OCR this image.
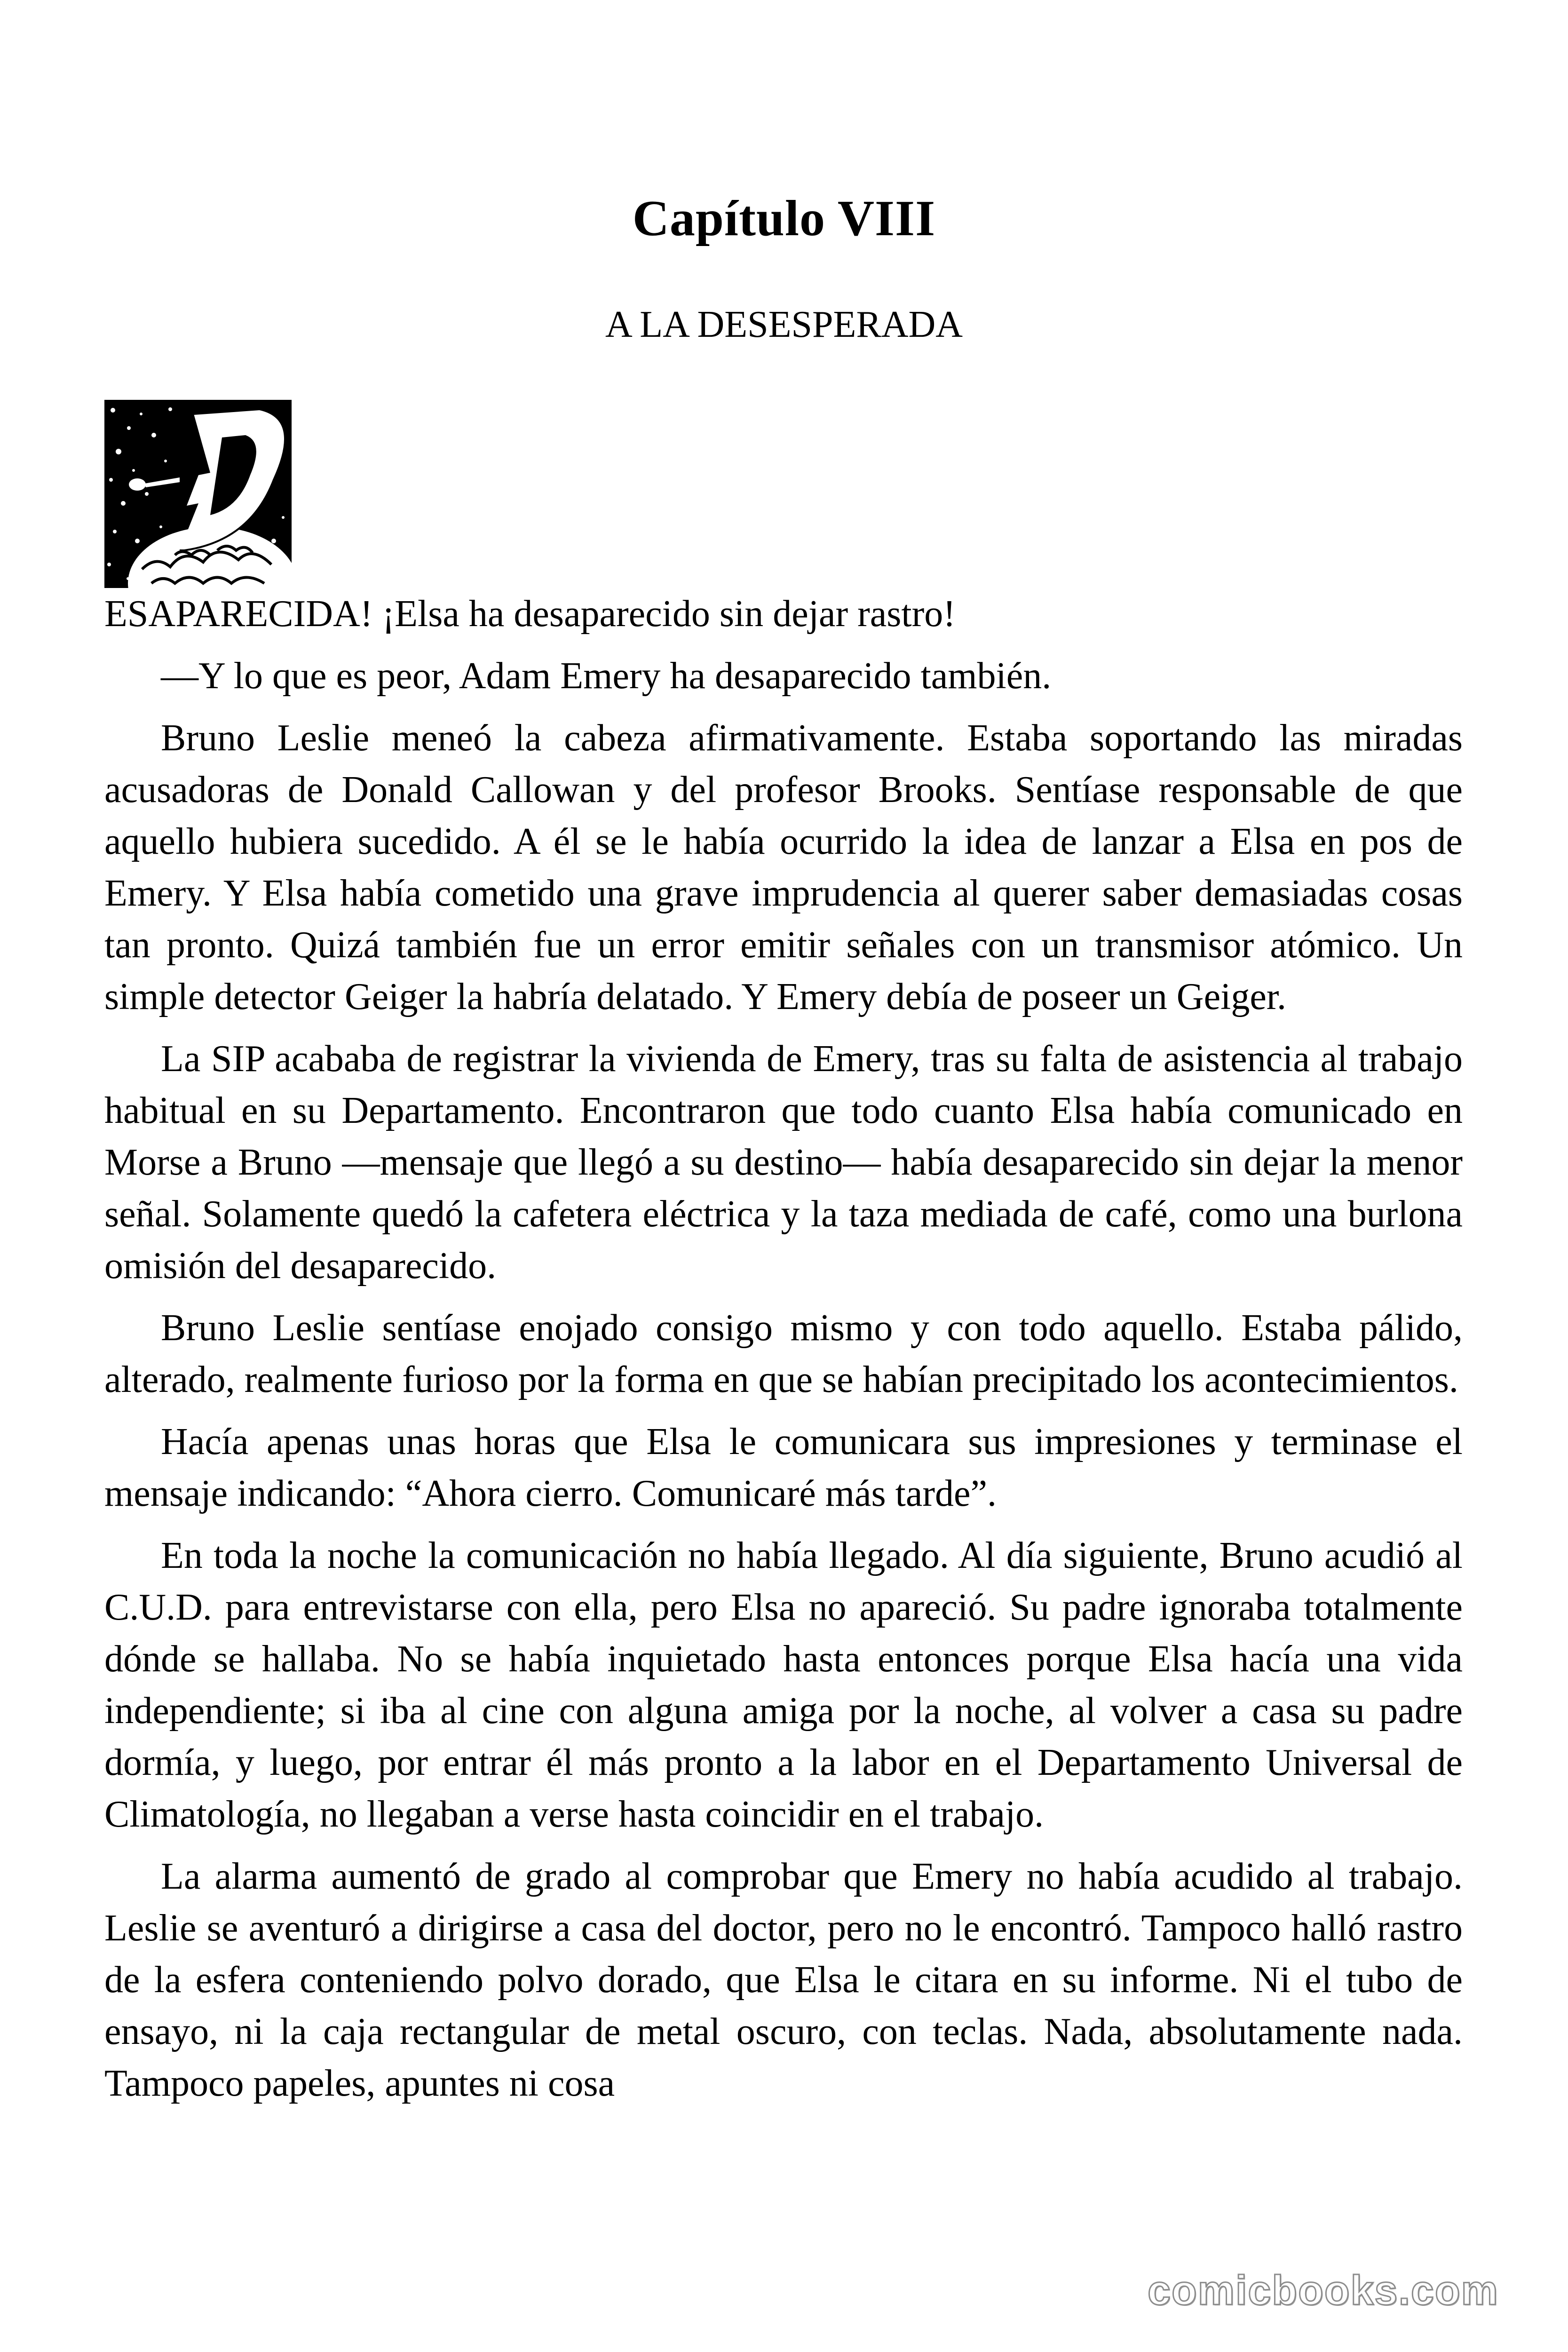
Capítulo VIII
A LA DESESPERADA

ESAPARECIDA! ¡Elsa ha desaparecido sin dejar rastro!

—Y lo que es peor, Adam Emery ha desaparecido también.

Bruno Leslie meneó la cabeza afirmativamente. Estaba soportando las miradas acusadoras de Donald Callowan y del profesor Brooks. Sentíase responsable de que aquello hubiera sucedido. A él se le había ocurrido la idea de lanzar a Elsa en pos de Emery. Y Elsa había cometido una grave imprudencia al querer saber demasiadas cosas tan pronto. Quizá también fue un error emitir señales con un transmisor atómico. Un simple detector Geiger la habría delatado. Y Emery debía de poseer un Geiger.

La SIP acababa de registrar la vivienda de Emery, tras su falta de asistencia al trabajo habitual en su Departamento. Encontraron que todo cuanto Elsa había comunicado en Morse a Bruno —mensaje que llegó a su destino— había desaparecido sin dejar la menor señal. Solamente quedó la cafetera eléctrica y la taza mediada de café, como una burlona omisión del desaparecido.

Bruno Leslie sentíase enojado consigo mismo y con todo aquello. Estaba pálido, alterado, realmente furioso por la forma en que se habían precipitado los acontecimientos.

Hacía apenas unas horas que Elsa le comunicara sus impresiones y terminase el mensaje indicando: “Ahora cierro. Comunicaré más tarde”.

En toda la noche la comunicación no había llegado. Al día siguiente, Bruno acudió al C.U.D. para entrevistarse con ella, pero Elsa no apareció. Su padre ignoraba totalmente dónde se hallaba. No se había inquietado hasta entonces porque Elsa hacía una vida independiente; si iba al cine con alguna amiga por la noche, al volver a casa su padre dormía, y luego, por entrar él más pronto a la labor en el Departamento Universal de Climatología, no llegaban a verse hasta coincidir en el trabajo.

La alarma aumentó de grado al comprobar que Emery no había acudido al trabajo. Leslie se aventuró a dirigirse a casa del doctor, pero no le encontró. Tampoco halló rastro de la esfera conteniendo polvo dorado, que Elsa le citara en su informe. Ni el tubo de ensayo, ni la caja rectangular de metal oscuro, con teclas. Nada, absolutamente nada. Tampoco papeles, apuntes ni cosa

comicbooks.com
